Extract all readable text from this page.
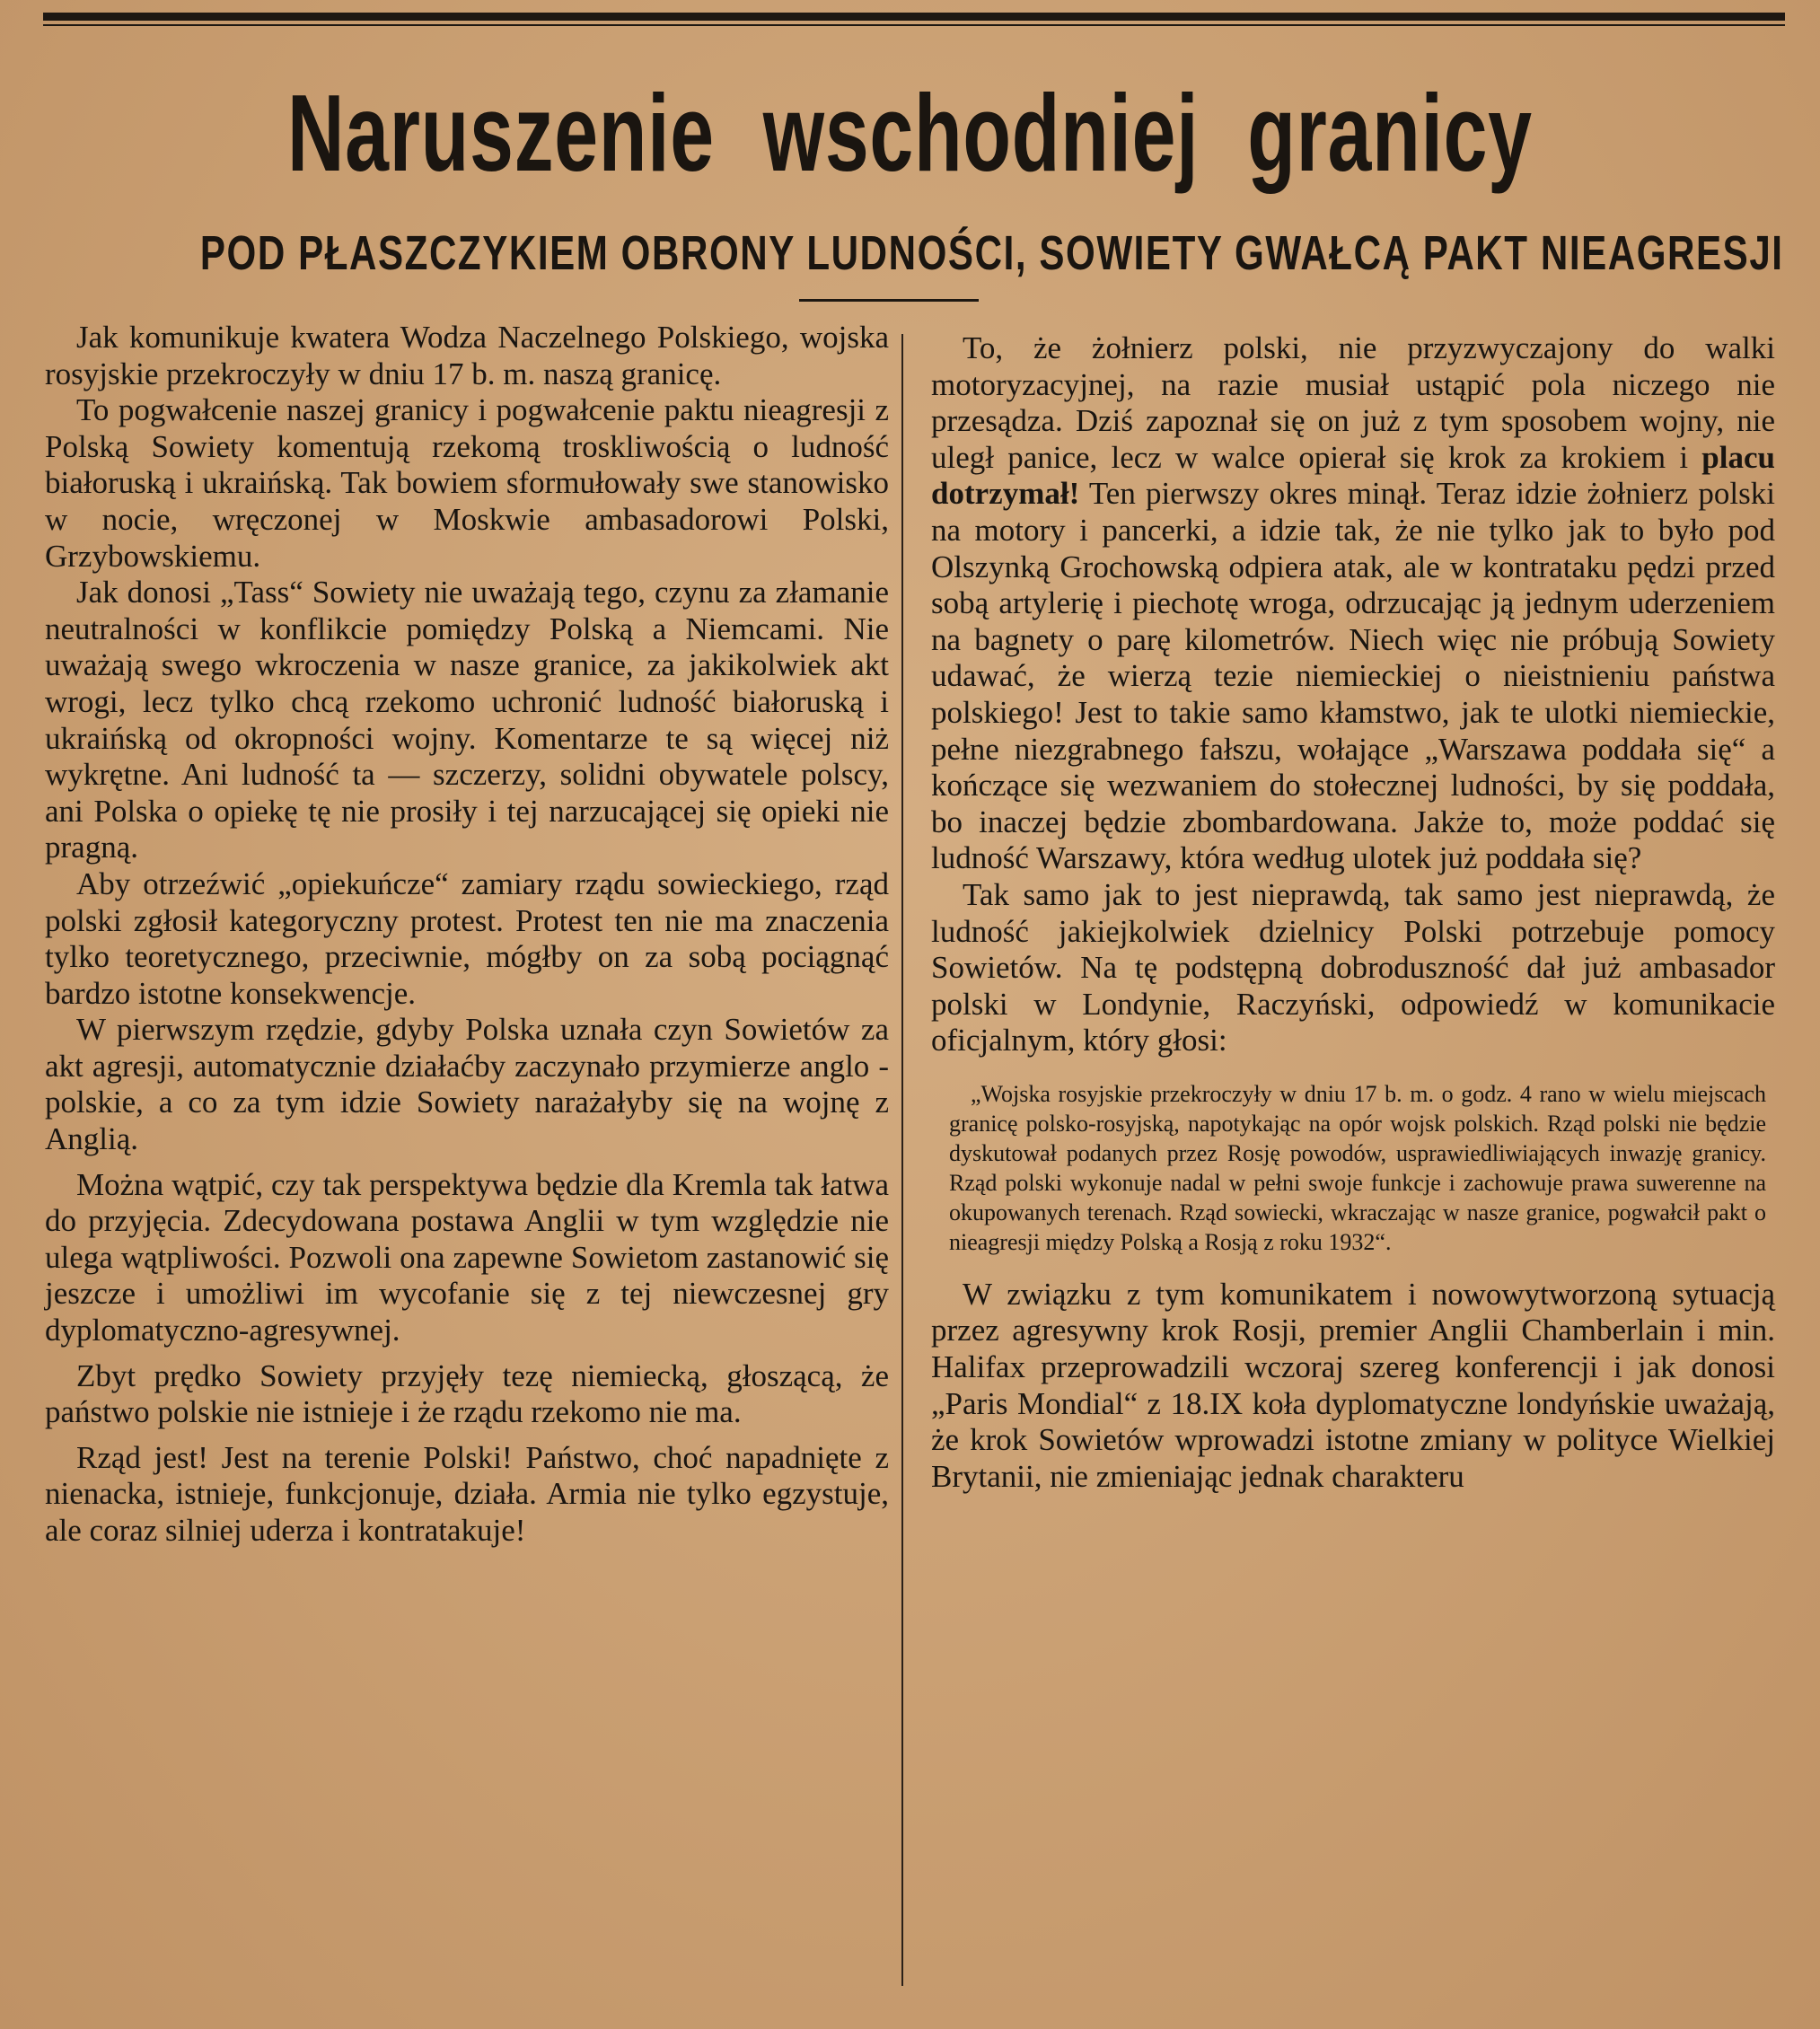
Naruszenie wschodniej granicy
POD PŁASZCZYKIEM OBRONY LUDNOŚCI, SOWIETY GWAŁCĄ PAKT NIEAGRESJI

Jak komunikuje kwatera Wodza Naczelnego Polskiego, wojska rosyjskie przekroczyły w dniu 17 b. m. naszą granicę.

To pogwałcenie naszej granicy i pogwałcenie paktu nieagresji z Polską Sowiety komentują rzekomą troskliwością o ludność białoruską i ukraińską. Tak bowiem sformułowały swe stanowisko w nocie, wręczonej w Moskwie ambasadorowi Polski, Grzybowskiemu.

Jak donosi „Tass“ Sowiety nie uważają tego, czynu za złamanie neutralności w konflikcie pomiędzy Polską a Niemcami. Nie uważają swego wkroczenia w nasze granice, za jakikolwiek akt wrogi, lecz tylko chcą rzekomo uchronić ludność białoruską i ukraińską od okropności wojny. Komentarze te są więcej niż wykrętne. Ani ludność ta — szczerzy, solidni obywatele polscy, ani Polska o opiekę tę nie prosiły i tej narzucającej się opieki nie pragną.

Aby otrzeźwić „opiekuńcze“ zamiary rządu sowieckiego, rząd polski zgłosił kategoryczny protest. Protest ten nie ma znaczenia tylko teoretycznego, przeciwnie, mógłby on za sobą pociągnąć bardzo istotne konsekwencje.

W pierwszym rzędzie, gdyby Polska uznała czyn Sowietów za akt agresji, automatycznie działaćby zaczynało przymierze anglo - polskie, a co za tym idzie Sowiety narażałyby się na wojnę z Anglią.

Można wątpić, czy tak perspektywa będzie dla Kremla tak łatwa do przyjęcia. Zdecydowana postawa Anglii w tym względzie nie ulega wątpliwości. Pozwoli ona zapewne Sowietom zastanowić się jeszcze i umożliwi im wycofanie się z tej niewczesnej gry dyplomatyczno-agresywnej.

Zbyt prędko Sowiety przyjęły tezę niemiecką, głoszącą, że państwo polskie nie istnieje i że rządu rzekomo nie ma.

Rząd jest! Jest na terenie Polski! Państwo, choć napadnięte z nienacka, istnieje, funkcjonuje, działa. Armia nie tylko egzystuje, ale coraz silniej uderza i kontratakuje!

To, że żołnierz polski, nie przyzwyczajony do walki motoryzacyjnej, na razie musiał ustąpić pola niczego nie przesądza. Dziś zapoznał się on już z tym sposobem wojny, nie uległ panice, lecz w walce opierał się krok za krokiem i placu dotrzymał! Ten pierwszy okres minął. Teraz idzie żołnierz polski na motory i pancerki, a idzie tak, że nie tylko jak to było pod Olszynką Grochowską odpiera atak, ale w kontrataku pędzi przed sobą artylerię i piechotę wroga, odrzucając ją jednym uderzeniem na bagnety o parę kilometrów. Niech więc nie próbują Sowiety udawać, że wierzą tezie niemieckiej o nieistnieniu państwa polskiego! Jest to takie samo kłamstwo, jak te ulotki niemieckie, pełne niezgrabnego fałszu, wołające „Warszawa poddała się“ a kończące się wezwaniem do stołecznej ludności, by się poddała, bo inaczej będzie zbombardowana. Jakże to, może poddać się ludność Warszawy, która według ulotek już poddała się?

Tak samo jak to jest nieprawdą, tak samo jest nieprawdą, że ludność jakiejkolwiek dzielnicy Polski potrzebuje pomocy Sowietów. Na tę podstępną dobroduszność dał już ambasador polski w Londynie, Raczyński, odpowiedź w komunikacie oficjalnym, który głosi:

„Wojska rosyjskie przekroczyły w dniu 17 b. m. o godz. 4 rano w wielu miejscach granicę polsko-rosyjską, napotykając na opór wojsk polskich. Rząd polski nie będzie dyskutował podanych przez Rosję powodów, usprawiedliwiających inwazję granicy. Rząd polski wykonuje nadal w pełni swoje funkcje i zachowuje prawa suwerenne na okupowanych terenach. Rząd sowiecki, wkraczając w nasze granice, pogwałcił pakt o nieagresji między Polską a Rosją z roku 1932“.

W związku z tym komunikatem i nowowytworzoną sytuacją przez agresywny krok Rosji, premier Anglii Chamberlain i min. Halifax przeprowadzili wczoraj szereg konferencji i jak donosi „Paris Mondial“ z 18.IX koła dyplomatyczne londyńskie uważają, że krok Sowietów wprowadzi istotne zmiany w polityce Wielkiej Brytanii, nie zmieniając jednak charakteru
